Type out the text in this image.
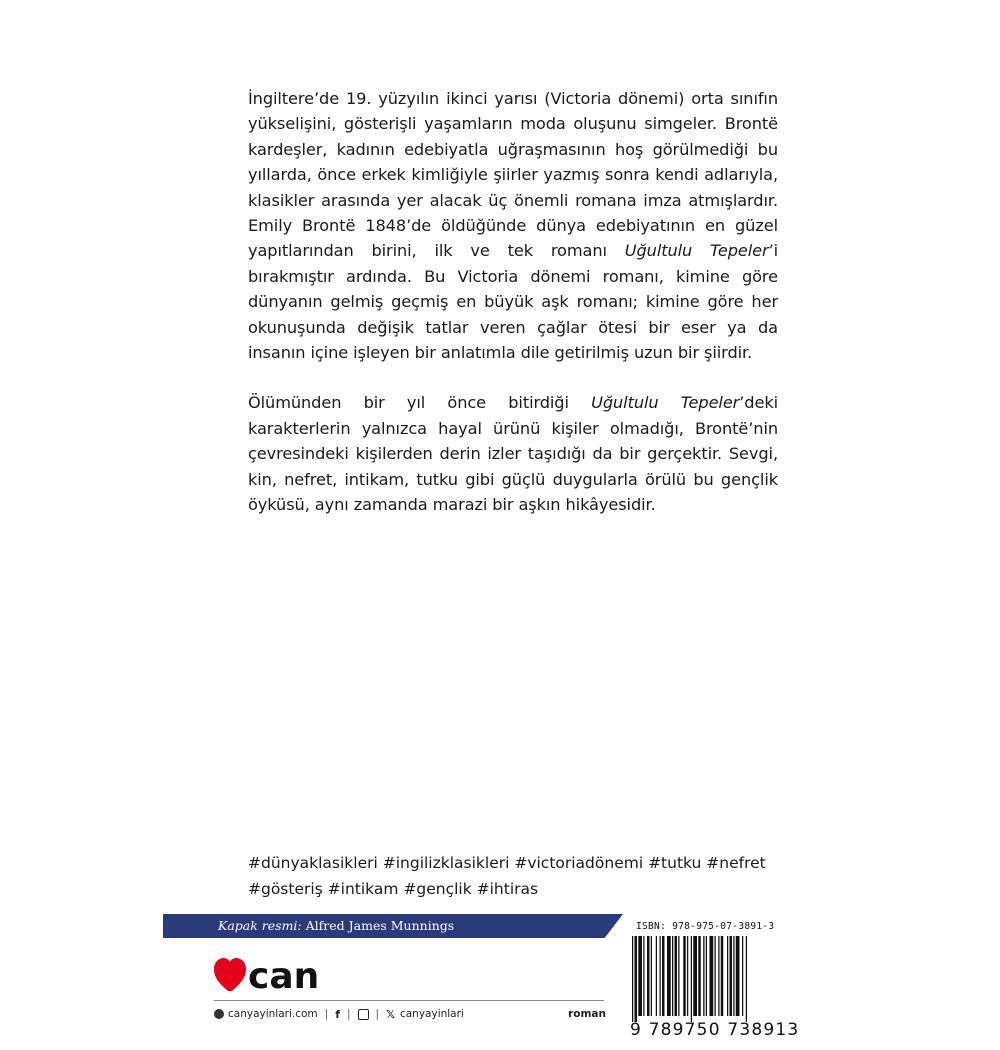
İngiltere’de 19. yüzyılın ikinci yarısı (Victoria dönemi) orta sınıfın yükselişini, gösterişli yaşamların moda oluşunu simgeler. Brontë kardeşler, kadının edebiyatla uğraşmasının hoş görülmediği bu yıllarda, önce erkek kimliğiyle şiirler yazmış sonra kendi adlarıyla, klasikler arasında yer alacak üç önemli romana imza atmışlardır. Emily Brontë 1848’de öldüğünde dünya edebiyatının en güzel yapıtlarından birini, ilk ve tek romanı Uğultulu Tepeler’i bırakmıştır ardında. Bu Victoria dönemi romanı, kimine göre dünyanın gelmiş geçmiş en büyük aşk romanı; kimine göre her okunuşunda değişik tatlar veren çağlar ötesi bir eser ya da insanın içine işleyen bir anlatımla dile getirilmiş uzun bir şiirdir.

Ölümünden bir yıl önce bitirdiği Uğultulu Tepeler’deki karakterlerin yalnızca hayal ürünü kişiler olmadığı, Brontë’nin çevresindeki kişilerden derin izler taşıdığı da bir gerçektir. Sevgi, kin, nefret, intikam, tutku gibi güçlü duygularla örülü bu gençlik öyküsü, aynı zamanda marazi bir aşkın hikâyesidir.

#dünyaklasikleri #ingilizklasikleri #victoriadönemi #tutku #nefret #gösteriş #intikam #gençlik #ihtiras
Kapak resmi: Alfred James Munnings
can
canyayinlari.com | f | | 𝕏 canyayinlari	roman
ISBN: 978-975-07-3891-3
9 789750 738913
